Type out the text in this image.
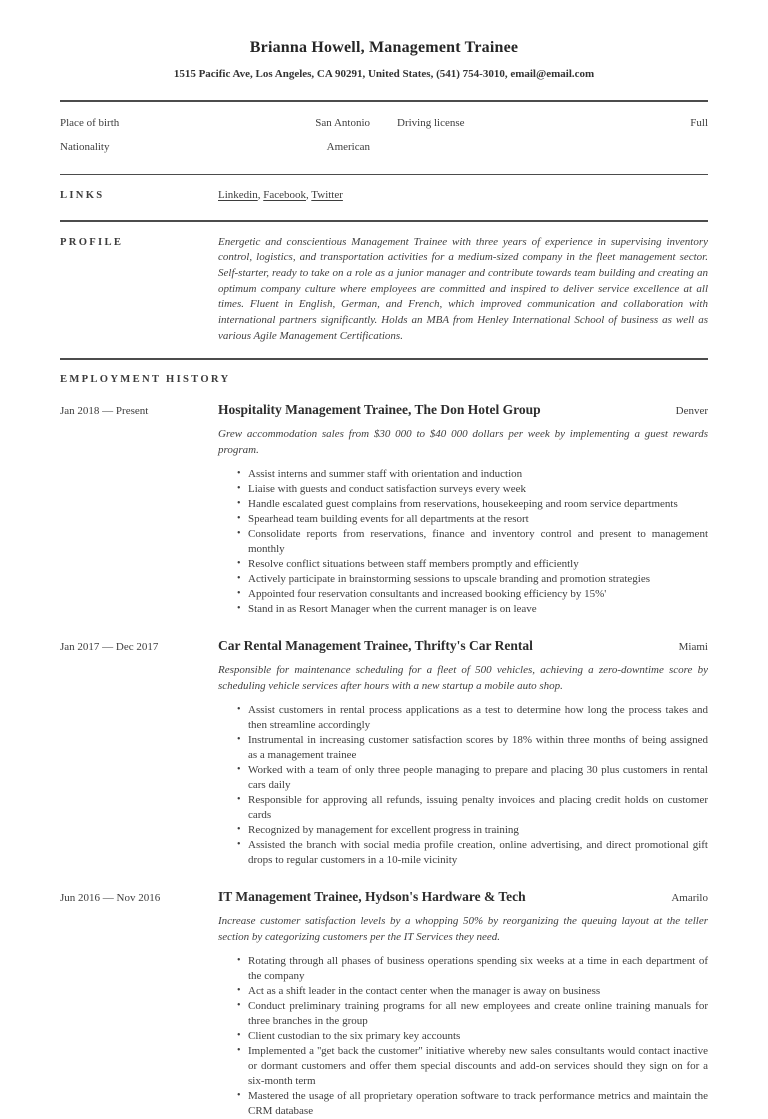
Brianna Howell, Management Trainee
1515 Pacific Ave, Los Angeles, CA 90291, United States, (541) 754-3010, email@email.com
Place of birth	San Antonio Driving license	Full
Nationality	American
LINKS	Linkedin, Facebook, Twitter
PROFILE	Energetic and conscientious Management Trainee with three years of experience in supervising inventory control, logistics, and transportation activities for a medium-sized company in the fleet management sector. Self-starter, ready to take on a role as a junior manager and contribute towards team building and creating an optimum company culture where employees are committed and inspired to deliver service excellence at all times. Fluent in English, German, and French, which improved communication and collaboration with international partners significantly. Holds an MBA from Henley International School of business as well as various Agile Management Certifications.
EMPLOYMENT HISTORY
Jan 2018 — Present	Hospitality Management Trainee, The Don Hotel Group	Denver
Grew accommodation sales from $30 000 to $40 000 dollars per week by implementing a guest rewards program.
• Assist interns and summer staff with orientation and induction
• Liaise with guests and conduct satisfaction surveys every week
• Handle escalated guest complains from reservations, housekeeping and room service departments
• Spearhead team building events for all departments at the resort
• Consolidate reports from reservations, finance and inventory control and present to management monthly
• Resolve conflict situations between staff members promptly and efficiently
• Actively participate in brainstorming sessions to upscale branding and promotion strategies
• Appointed four reservation consultants and increased booking efficiency by 15%'
• Stand in as Resort Manager when the current manager is on leave
Jan 2017 — Dec 2017	Car Rental Management Trainee, Thrifty's Car Rental	Miami
Responsible for maintenance scheduling for a fleet of 500 vehicles, achieving a zero-downtime score by scheduling vehicle services after hours with a new startup a mobile auto shop.
• Assist customers in rental process applications as a test to determine how long the process takes and then streamline accordingly
• Instrumental in increasing customer satisfaction scores by 18% within three months of being assigned as a management trainee
• Worked with a team of only three people managing to prepare and placing 30 plus customers in rental cars daily
• Responsible for approving all refunds, issuing penalty invoices and placing credit holds on customer cards
• Recognized by management for excellent progress in training
• Assisted the branch with social media profile creation, online advertising, and direct promotional gift drops to regular customers in a 10-mile vicinity
Jun 2016 — Nov 2016	IT Management Trainee, Hydson's Hardware & Tech	Amarilo
Increase customer satisfaction levels by a whopping 50% by reorganizing the queuing layout at the teller section by categorizing customers per the IT Services they need.
• Rotating through all phases of business operations spending six weeks at a time in each department of the company
• Act as a shift leader in the contact center when the manager is away on business
• Conduct preliminary training programs for all new employees and create online training manuals for three branches in the group
• Client custodian to the six primary key accounts
• Implemented a ''get back the customer'' initiative whereby new sales consultants would contact inactive or dormant customers and offer them special discounts and add-on services should they sign on for a six-month term
• Mastered the usage of all proprietary operation software to track performance metrics and maintain the CRM database
